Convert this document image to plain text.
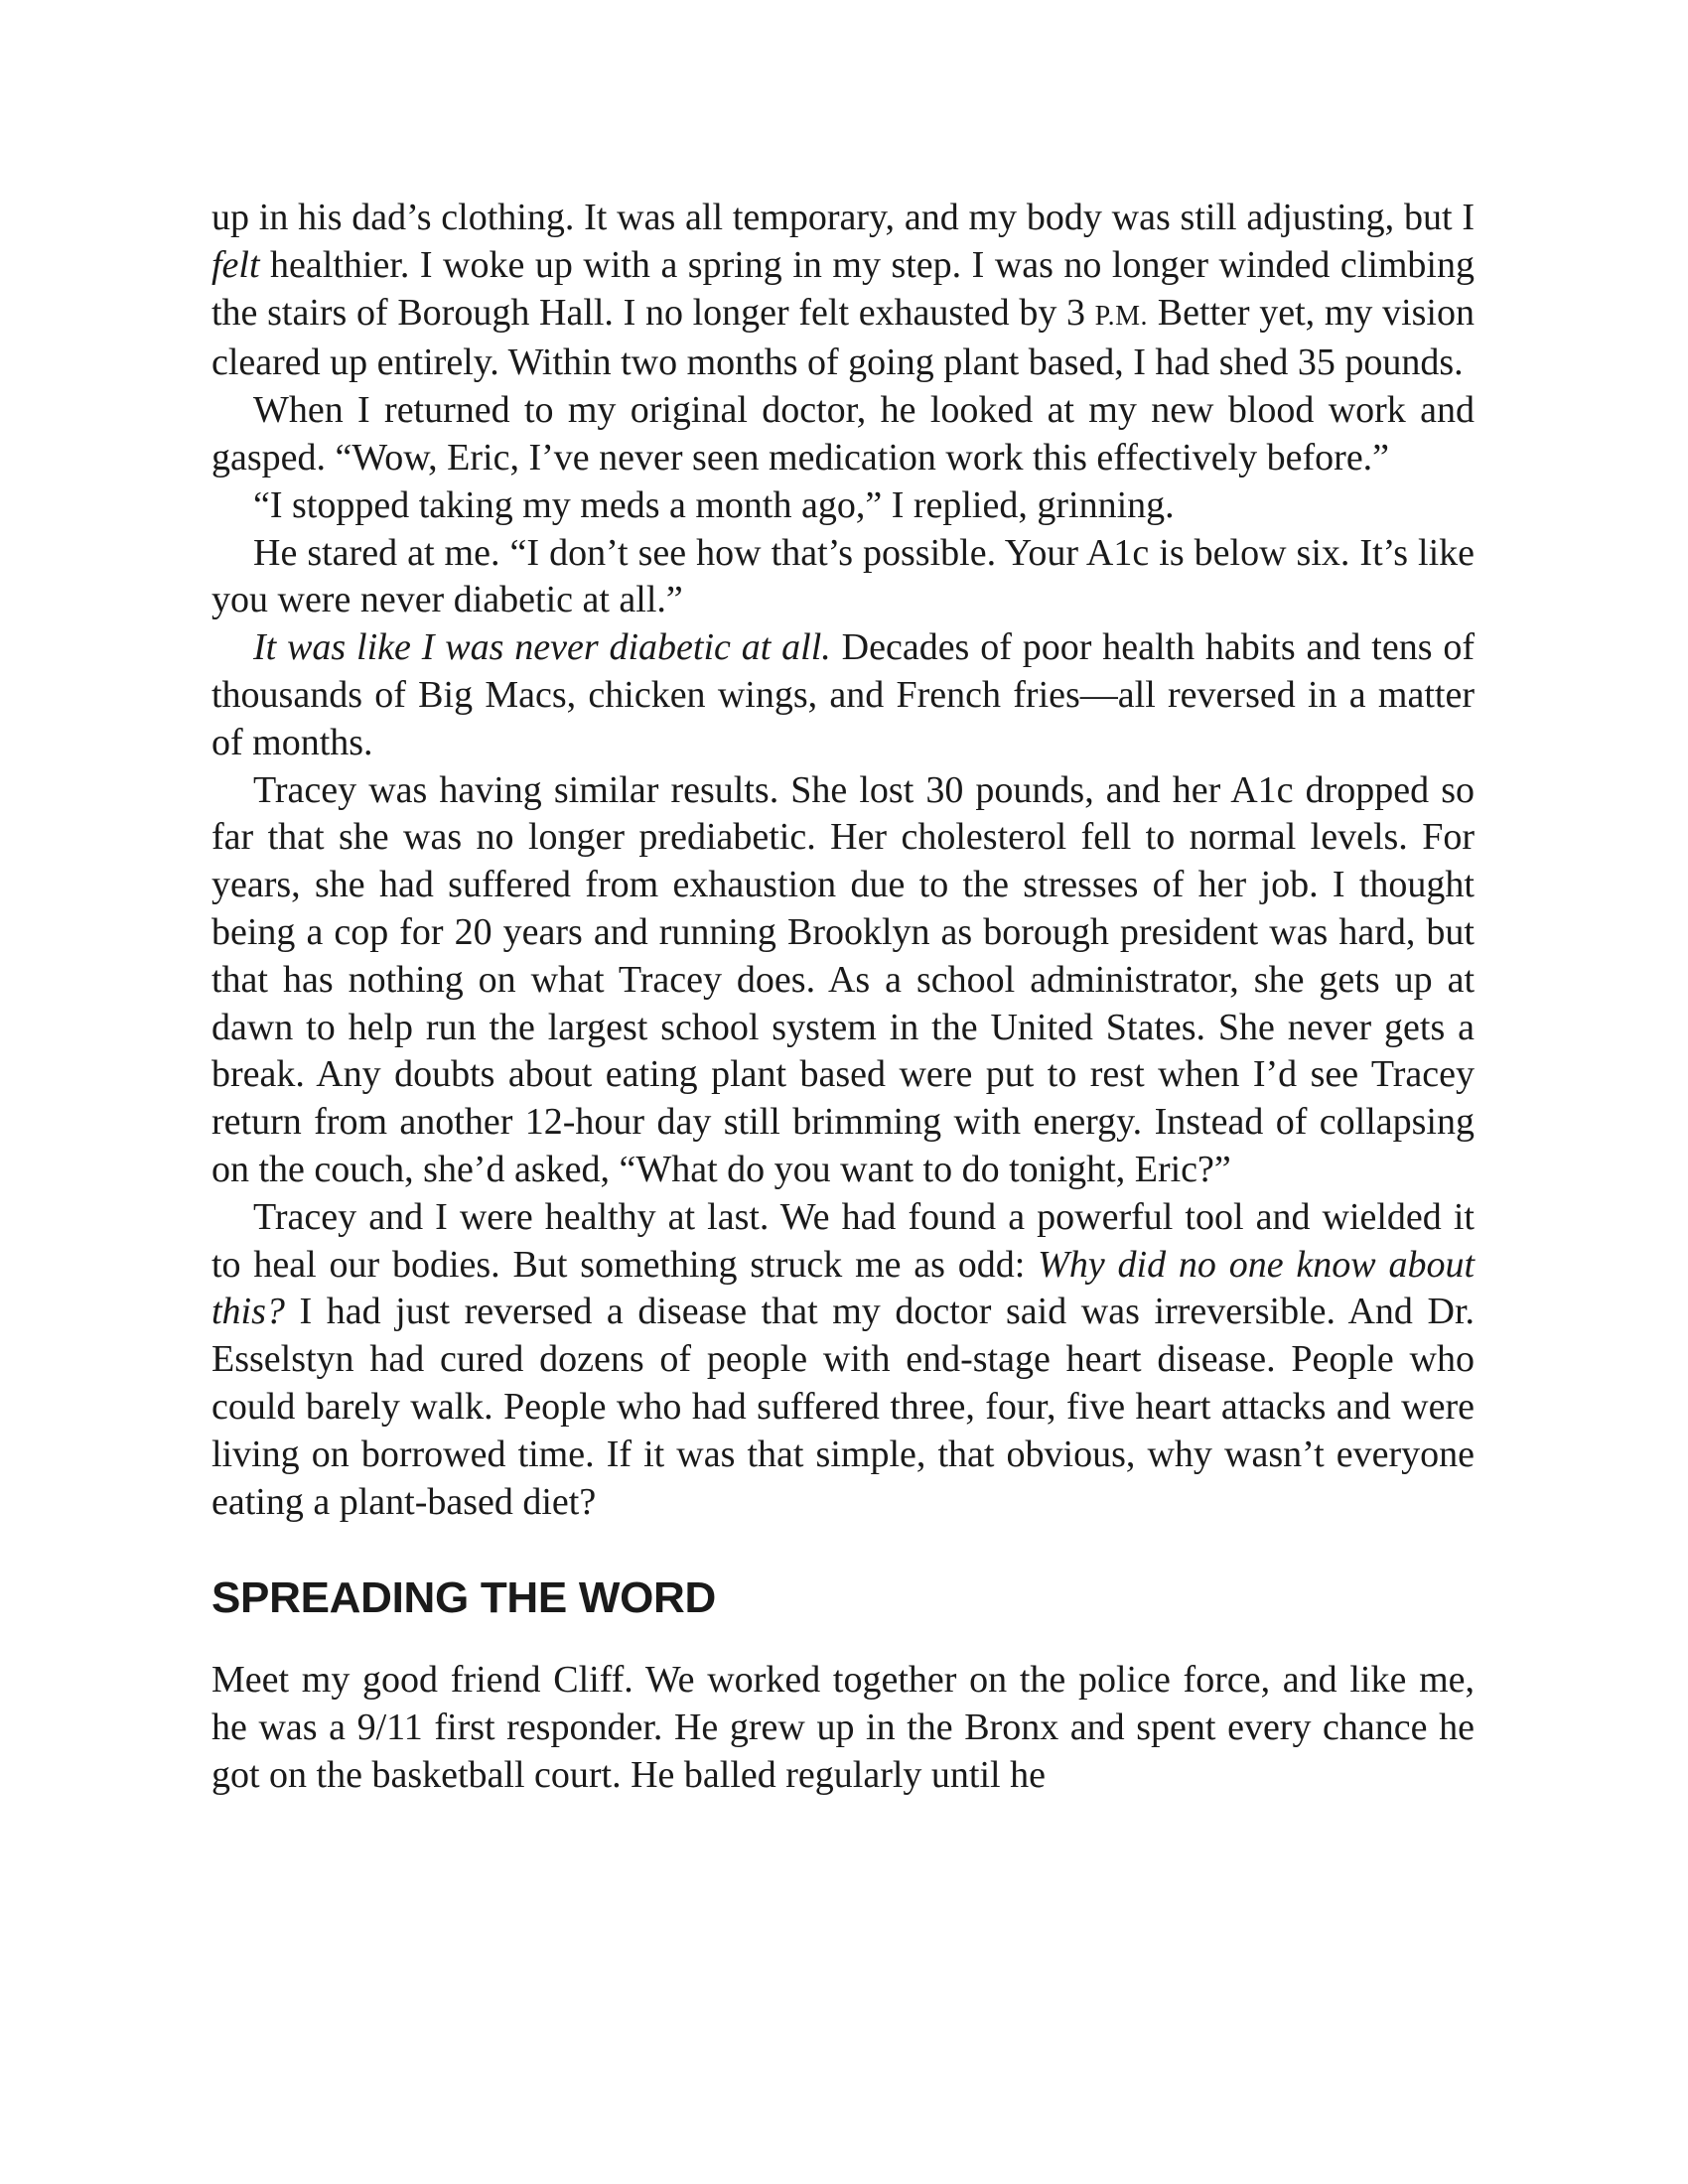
up in his dad’s clothing. It was all temporary, and my body was still adjusting, but I felt healthier. I woke up with a spring in my step. I was no longer winded climbing the stairs of Borough Hall. I no longer felt exhausted by 3 P.M. Better yet, my vision cleared up entirely. Within two months of going plant based, I had shed 35 pounds.

When I returned to my original doctor, he looked at my new blood work and gasped. “Wow, Eric, I’ve never seen medication work this effectively before.”

“I stopped taking my meds a month ago,” I replied, grinning.

He stared at me. “I don’t see how that’s possible. Your A1c is below six. It’s like you were never diabetic at all.”

It was like I was never diabetic at all. Decades of poor health habits and tens of thousands of Big Macs, chicken wings, and French fries—all reversed in a matter of months.

Tracey was having similar results. She lost 30 pounds, and her A1c dropped so far that she was no longer prediabetic. Her cholesterol fell to normal levels. For years, she had suffered from exhaustion due to the stresses of her job. I thought being a cop for 20 years and running Brooklyn as borough president was hard, but that has nothing on what Tracey does. As a school administrator, she gets up at dawn to help run the largest school system in the United States. She never gets a break. Any doubts about eating plant based were put to rest when I’d see Tracey return from another 12-hour day still brimming with energy. Instead of collapsing on the couch, she’d asked, “What do you want to do tonight, Eric?”

Tracey and I were healthy at last. We had found a powerful tool and wielded it to heal our bodies. But something struck me as odd: Why did no one know about this? I had just reversed a disease that my doctor said was irreversible. And Dr. Esselstyn had cured dozens of people with end-stage heart disease. People who could barely walk. People who had suffered three, four, five heart attacks and were living on borrowed time. If it was that simple, that obvious, why wasn’t everyone eating a plant-based diet?

SPREADING THE WORD

Meet my good friend Cliff. We worked together on the police force, and like me, he was a 9/11 first responder. He grew up in the Bronx and spent every chance he got on the basketball court. He balled regularly until he
